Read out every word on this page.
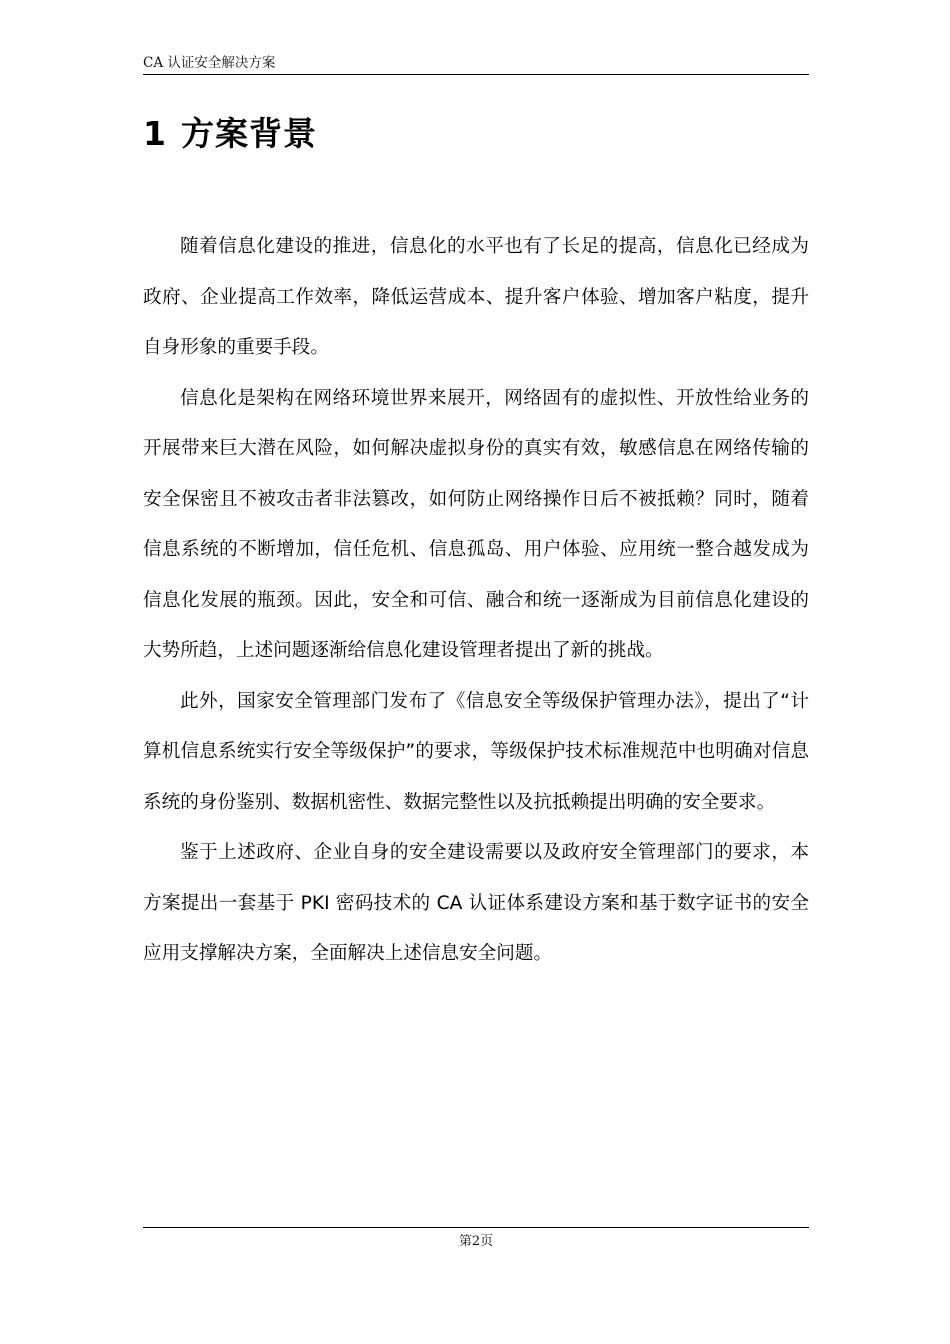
CA 认证安全解决方案
1 方案背景

随着信息化建设的推进，信息化的水平也有了长足的提高，信息化已经成为政府、企业提高工作效率，降低运营成本、提升客户体验、增加客户粘度，提升自身形象的重要手段。

信息化是架构在网络环境世界来展开，网络固有的虚拟性、开放性给业务的开展带来巨大潜在风险，如何解决虚拟身份的真实有效，敏感信息在网络传输的安全保密且不被攻击者非法篡改，如何防止网络操作日后不被抵赖？同时，随着信息系统的不断增加，信任危机、信息孤岛、用户体验、应用统一整合越发成为信息化发展的瓶颈。因此，安全和可信、融合和统一逐渐成为目前信息化建设的大势所趋，上述问题逐渐给信息化建设管理者提出了新的挑战。

此外，国家安全管理部门发布了《信息安全等级保护管理办法》，提出了“计算机信息系统实行安全等级保护”的要求，等级保护技术标准规范中也明确对信息系统的身份鉴别、数据机密性、数据完整性以及抗抵赖提出明确的安全要求。

鉴于上述政府、企业自身的安全建设需要以及政府安全管理部门的要求，本方案提出一套基于 PKI 密码技术的 CA 认证体系建设方案和基于数字证书的安全应用支撑解决方案，全面解决上述信息安全问题。

第2页
